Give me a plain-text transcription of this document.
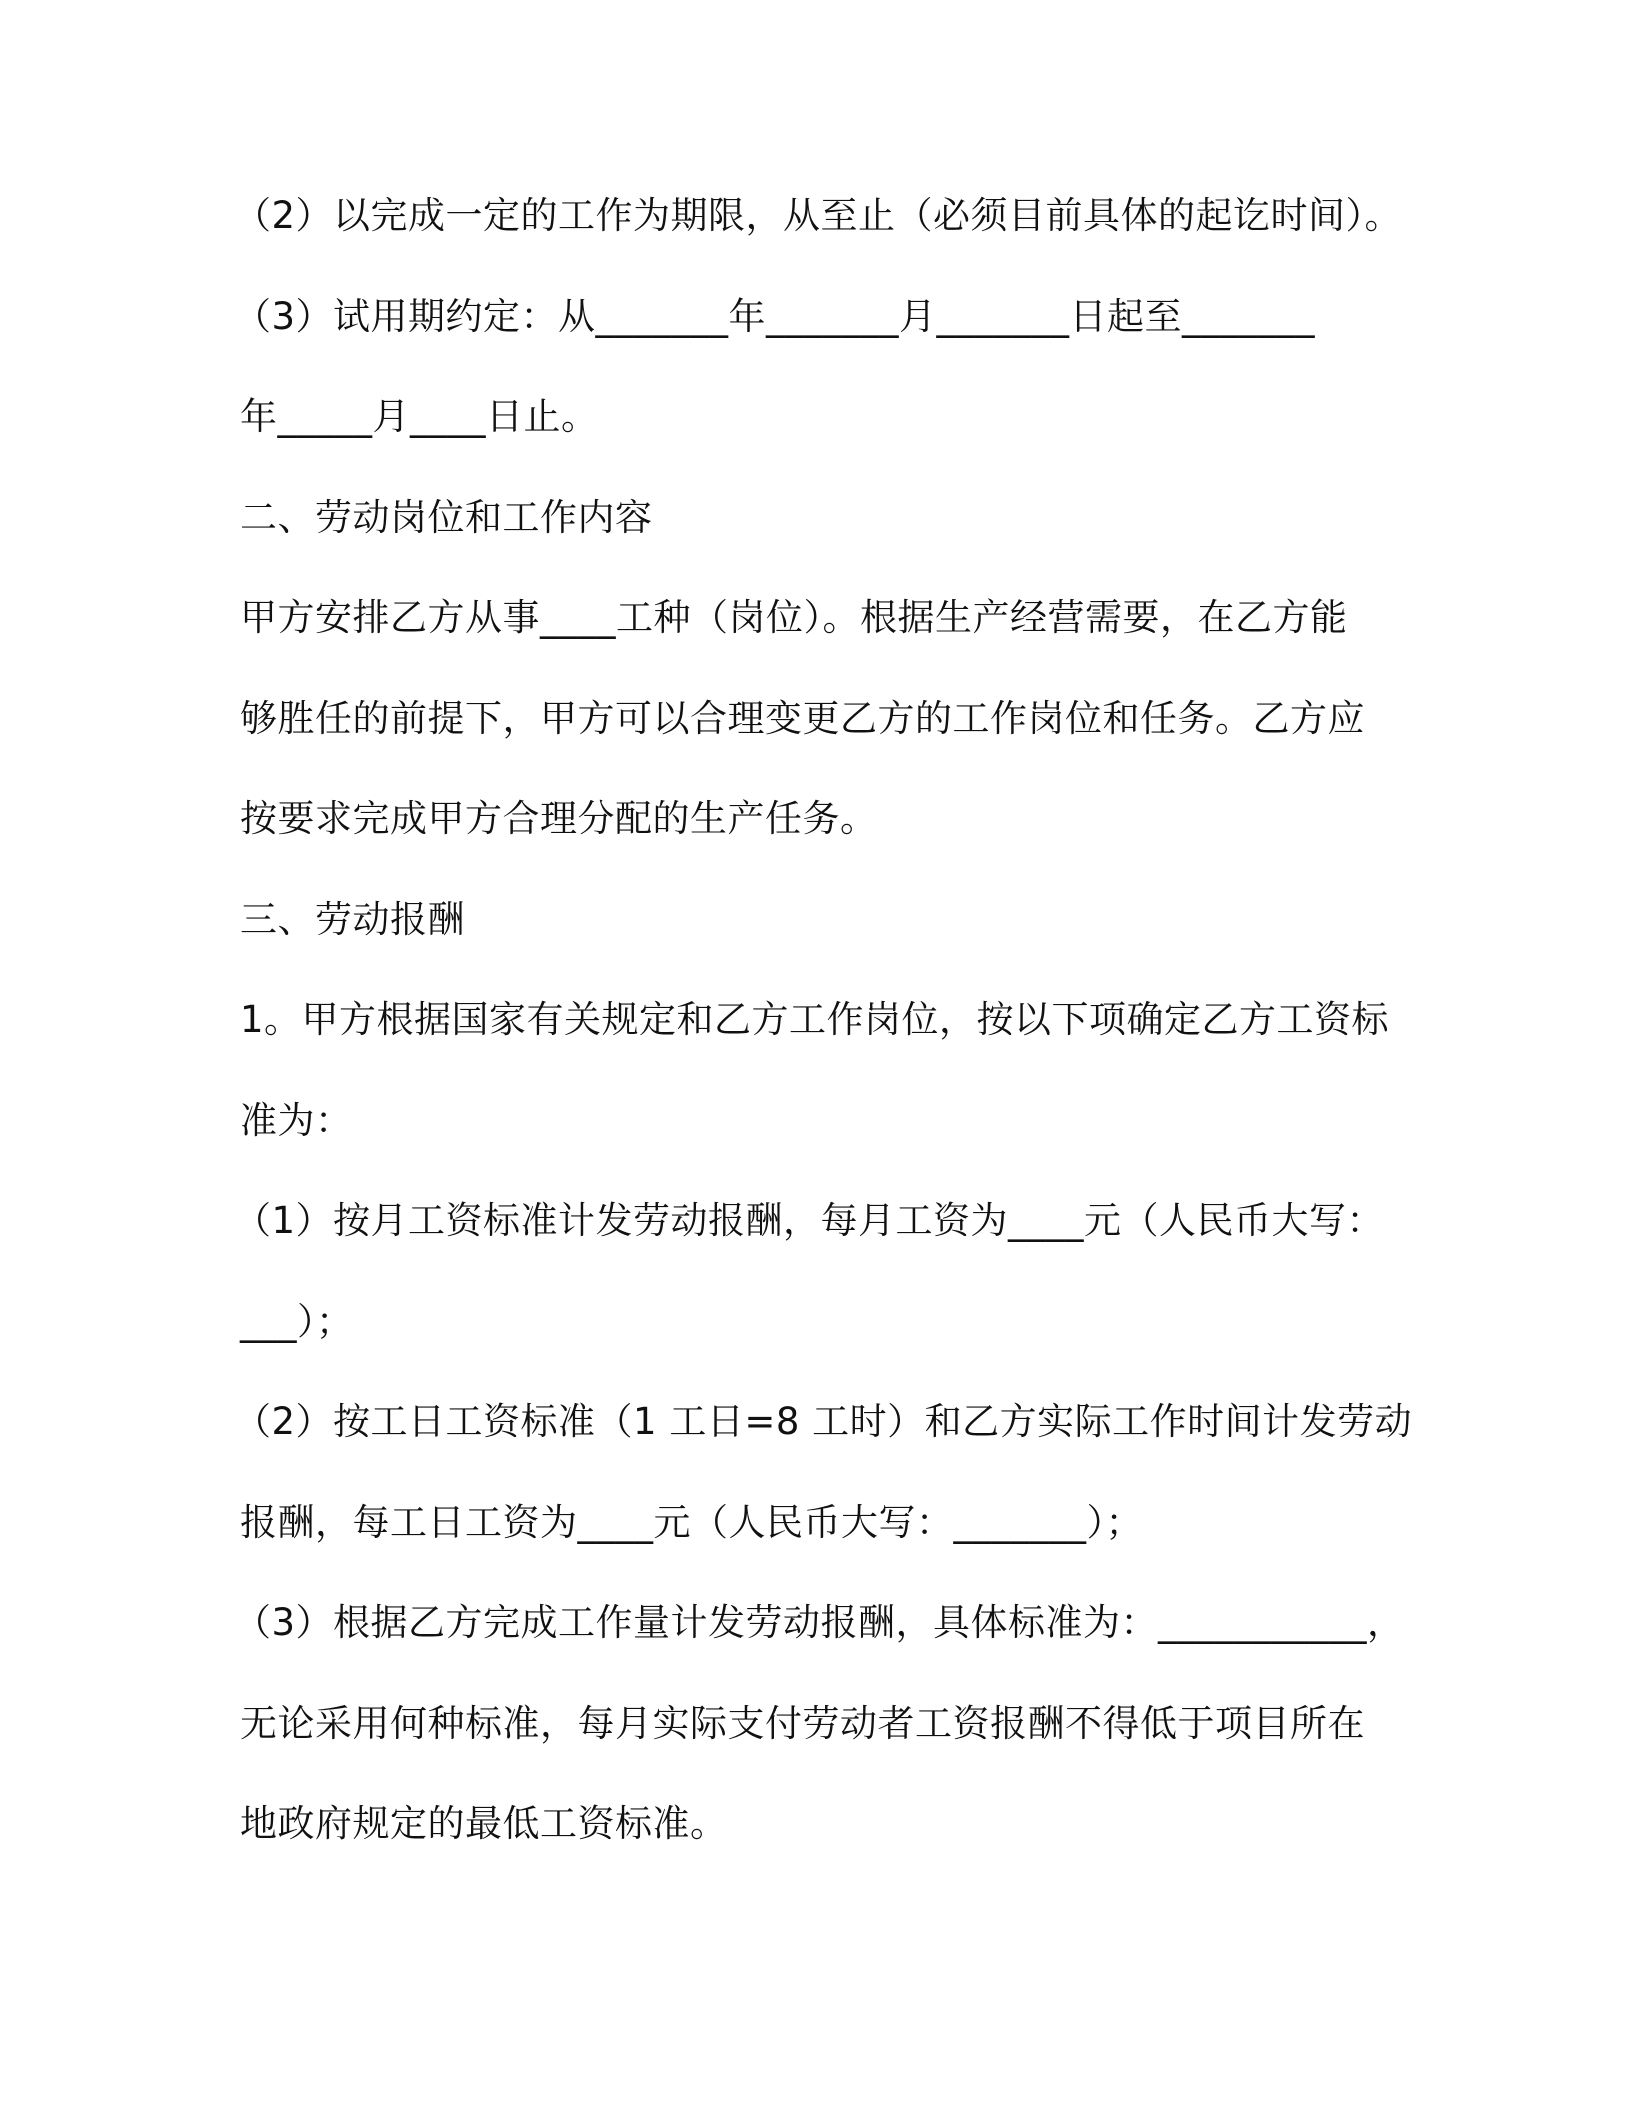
（2）以完成一定的工作为期限，从至止（必须目前具体的起讫时间）。
（3）试用期约定：从_______年_______月_______日起至_______
年_____月____日止。
二、劳动岗位和工作内容
甲方安排乙方从事____工种（岗位）。根据生产经营需要，在乙方能
够胜任的前提下，甲方可以合理变更乙方的工作岗位和任务。乙方应
按要求完成甲方合理分配的生产任务。
三、劳动报酬
1。甲方根据国家有关规定和乙方工作岗位，按以下项确定乙方工资标
准为：
（1）按月工资标准计发劳动报酬，每月工资为____元（人民币大写：
___）；
（2）按工日工资标准（1 工日=8 工时）和乙方实际工作时间计发劳动
报酬，每工日工资为____元（人民币大写：_______）；
（3）根据乙方完成工作量计发劳动报酬，具体标准为：___________，
无论采用何种标准，每月实际支付劳动者工资报酬不得低于项目所在
地政府规定的最低工资标准。
